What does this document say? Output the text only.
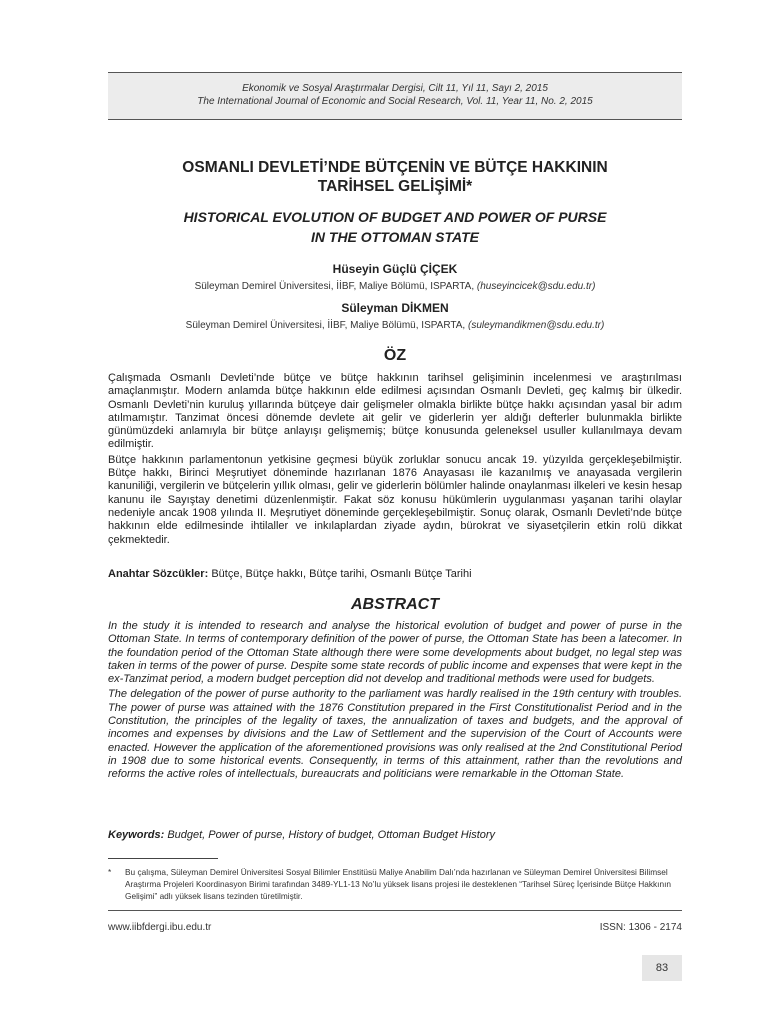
Ekonomik ve Sosyal Araştırmalar Dergisi, Cilt 11, Yıl 11, Sayı 2, 2015
The International Journal of Economic and Social Research, Vol. 11, Year 11, No. 2, 2015
OSMANLI DEVLETİ’NDE BÜTÇENİN VE BÜTÇE HAKKININ
TARİHSEL GELİŞİMİ*
HISTORICAL EVOLUTION OF BUDGET AND POWER OF PURSE
IN THE OTTOMAN STATE
Hüseyin Güçlü ÇİÇEK
Süleyman Demirel Üniversitesi, İİBF, Maliye Bölümü, ISPARTA, (huseyincicek@sdu.edu.tr)
Süleyman DİKMEN
Süleyman Demirel Üniversitesi, İİBF, Maliye Bölümü, ISPARTA, (suleymandikmen@sdu.edu.tr)
ÖZ

Çalışmada Osmanlı Devleti’nde bütçe ve bütçe hakkının tarihsel gelişiminin incelenmesi ve araştırılması amaçlanmıştır. Modern anlamda bütçe hakkının elde edilmesi açısından Osmanlı Devleti, geç kalmış bir ülkedir. Osmanlı Devleti’nin kuruluş yıllarında bütçeye dair gelişmeler olmakla birlikte bütçe hakkı açısından yasal bir adım atılmamıştır. Tanzimat öncesi dönemde devlete ait gelir ve giderlerin yer aldığı defterler bulunmakla birlikte günümüzdeki anlamıyla bir bütçe anlayışı gelişmemiş; bütçe konusunda geleneksel usuller kullanılmaya devam edilmiştir.

Bütçe hakkının parlamentonun yetkisine geçmesi büyük zorluklar sonucu ancak 19. yüzyılda gerçekleşebilmiştir. Bütçe hakkı, Birinci Meşrutiyet döneminde hazırlanan 1876 Anayasası ile kazanılmış ve anayasada vergilerin kanuniliği, vergilerin ve bütçelerin yıllık olması, gelir ve giderlerin bölümler halinde onaylanması ilkeleri ve kesin hesap kanunu ile Sayıştay denetimi düzenlenmiştir. Fakat söz konusu hükümlerin uygulanması yaşanan tarihi olaylar nedeniyle ancak 1908 yılında II. Meşrutiyet döneminde gerçekleşebilmiştir. Sonuç olarak, Osmanlı Devleti’nde bütçe hakkının elde edilmesinde ihtilaller ve inkılaplardan ziyade aydın, bürokrat ve siyasetçilerin etkin rolü dikkat çekmektedir.

Anahtar Sözcükler: Bütçe, Bütçe hakkı, Bütçe tarihi, Osmanlı Bütçe Tarihi
ABSTRACT

In the study it is intended to research and analyse the historical evolution of budget and power of purse in the Ottoman State. In terms of contemporary definition of the power of purse, the Ottoman State has been a latecomer. In the foundation period of the Ottoman State although there were some developments about budget, no legal step was taken in terms of the power of purse. Despite some state records of public income and expenses that were kept in the ex-Tanzimat period, a modern budget perception did not develop and traditional methods were used for budgets.

The delegation of the power of purse authority to the parliament was hardly realised in the 19th century with troubles. The power of purse was attained with the 1876 Constitution prepared in the First Constitutionalist Period and in the Constitution, the principles of the legality of taxes, the annualization of taxes and budgets, and the approval of incomes and expenses by divisions and the Law of Settlement and the supervision of the Court of Accounts were enacted. However the application of the aforementioned provisions was only realised at the 2nd Constitutional Period in 1908 due to some historical events. Consequently, in terms of this attainment, rather than the revolutions and reforms the active roles of intellectuals, bureaucrats and politicians were remarkable in the Ottoman State.

Keywords: Budget, Power of purse, History of budget, Ottoman Budget History
* Bu çalışma, Süleyman Demirel Üniversitesi Sosyal Bilimler Enstitüsü Maliye Anabilim Dalı’nda hazırlanan ve Süleyman Demirel Üniversitesi Bilimsel Araştırma Projeleri Koordinasyon Birimi tarafından 3489-YL1-13 No’lu yüksek lisans projesi ile desteklenen “Tarihsel Süreç İçerisinde Bütçe Hakkının Gelişimi” adlı yüksek lisans tezinden türetilmiştir.
www.iibfdergi.ibu.edu.tr	ISSN: 1306 - 2174
83
